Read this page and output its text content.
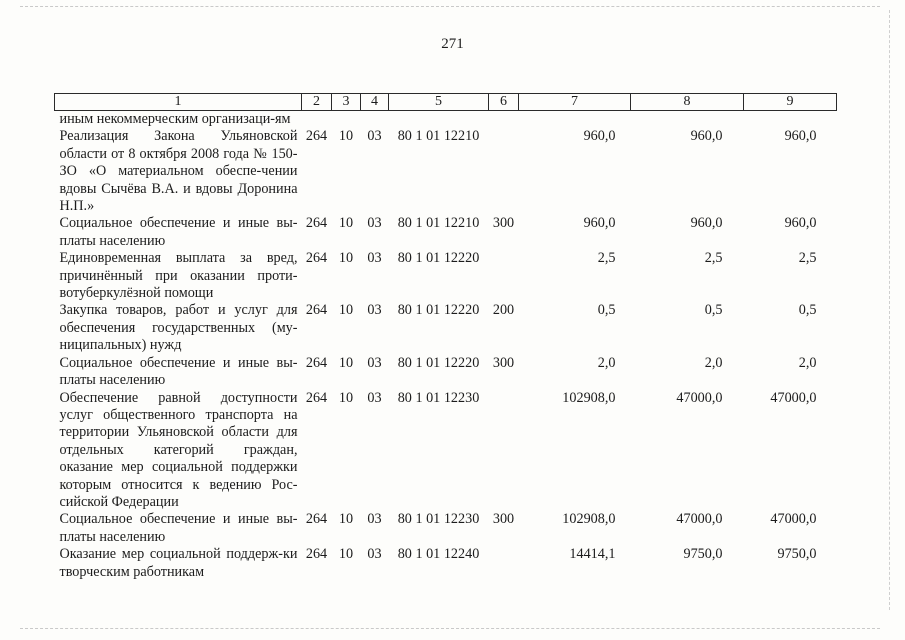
271
1	2	3	4	5	6	7	8	9
иным некоммерческим организаци-ям								
Реализация Закона Ульяновской области от 8 октября 2008 года № 150-ЗО «О материальном обеспе-чении вдовы Сычёва В.А. и вдовы Доронина Н.П.»	264	10	03	80 1 01 12210		960,0	960,0	960,0
Социальное обеспечение и иные вы-платы населению	264	10	03	80 1 01 12210	300	960,0	960,0	960,0
Единовременная выплата за вред, причинённый при оказании проти-вотуберкулёзной помощи	264	10	03	80 1 01 12220		2,5	2,5	2,5
Закупка товаров, работ и услуг для обеспечения государственных (му-ниципальных) нужд	264	10	03	80 1 01 12220	200	0,5	0,5	0,5
Социальное обеспечение и иные вы-платы населению	264	10	03	80 1 01 12220	300	2,0	2,0	2,0
Обеспечение равной доступности услуг общественного транспорта на территории Ульяновской области для отдельных категорий граждан, оказание мер социальной поддержки которым относится к ведению Рос-сийской Федерации	264	10	03	80 1 01 12230		102908,0	47000,0	47000,0
Социальное обеспечение и иные вы-платы населению	264	10	03	80 1 01 12230	300	102908,0	47000,0	47000,0
Оказание мер социальной поддерж-ки творческим работникам	264	10	03	80 1 01 12240		14414,1	9750,0	9750,0
